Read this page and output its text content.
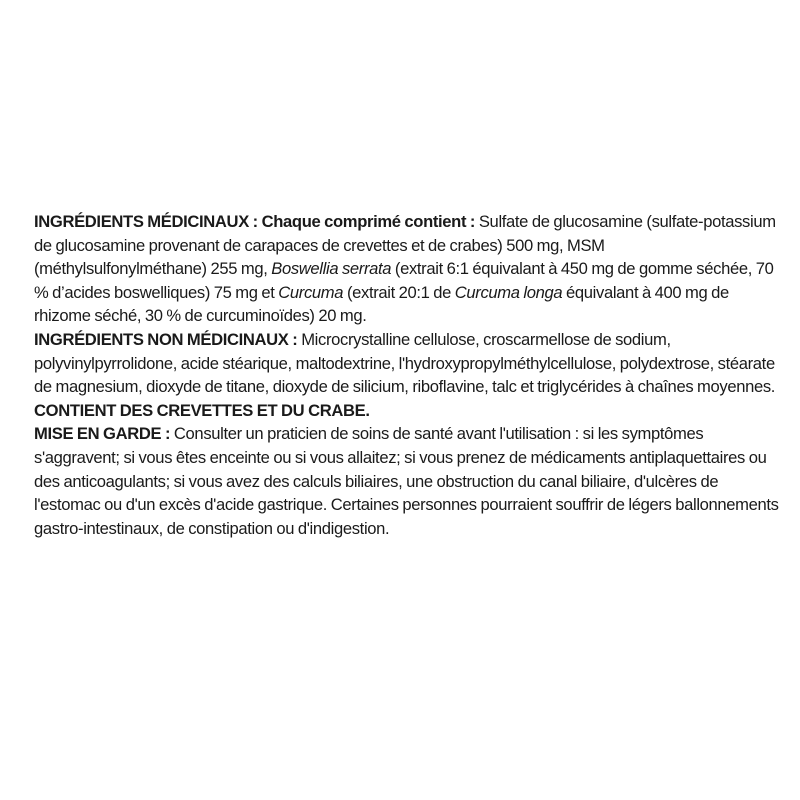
INGRÉDIENTS MÉDICINAUX : Chaque comprimé contient : Sulfate de glucosamine (sulfate-potassium de glucosamine provenant de carapaces de crevettes et de crabes) 500 mg, MSM (méthylsulfonylméthane) 255 mg, Boswellia serrata (extrait 6:1 équivalant à 450 mg de gomme séchée, 70 % d’acides boswelliques) 75 mg et Curcuma (extrait 20:1 de Curcuma longa équivalant à 400 mg de rhizome séché, 30 % de curcuminoïdes) 20 mg.

INGRÉDIENTS NON MÉDICINAUX : Microcrystalline cellulose, croscarmellose de sodium, polyvinylpyrrolidone, acide stéarique, maltodextrine, l'hydroxypropylméthylcellulose, polydextrose, stéarate de magnesium, dioxyde de titane, dioxyde de silicium, riboflavine, talc et triglycérides à chaînes moyennes. CONTIENT DES CREVETTES ET DU CRABE.

MISE EN GARDE : Consulter un praticien de soins de santé avant l'utilisation : si les symptômes s'aggravent; si vous êtes enceinte ou si vous allaitez; si vous prenez de médicaments antiplaquettaires ou des anticoagulants; si vous avez des calculs biliaires, une obstruction du canal biliaire, d'ulcères de l'estomac ou d'un excès d'acide gastrique. Certaines personnes pourraient souffrir de légers ballonnements gastro-intestinaux, de constipation ou d'indigestion.
